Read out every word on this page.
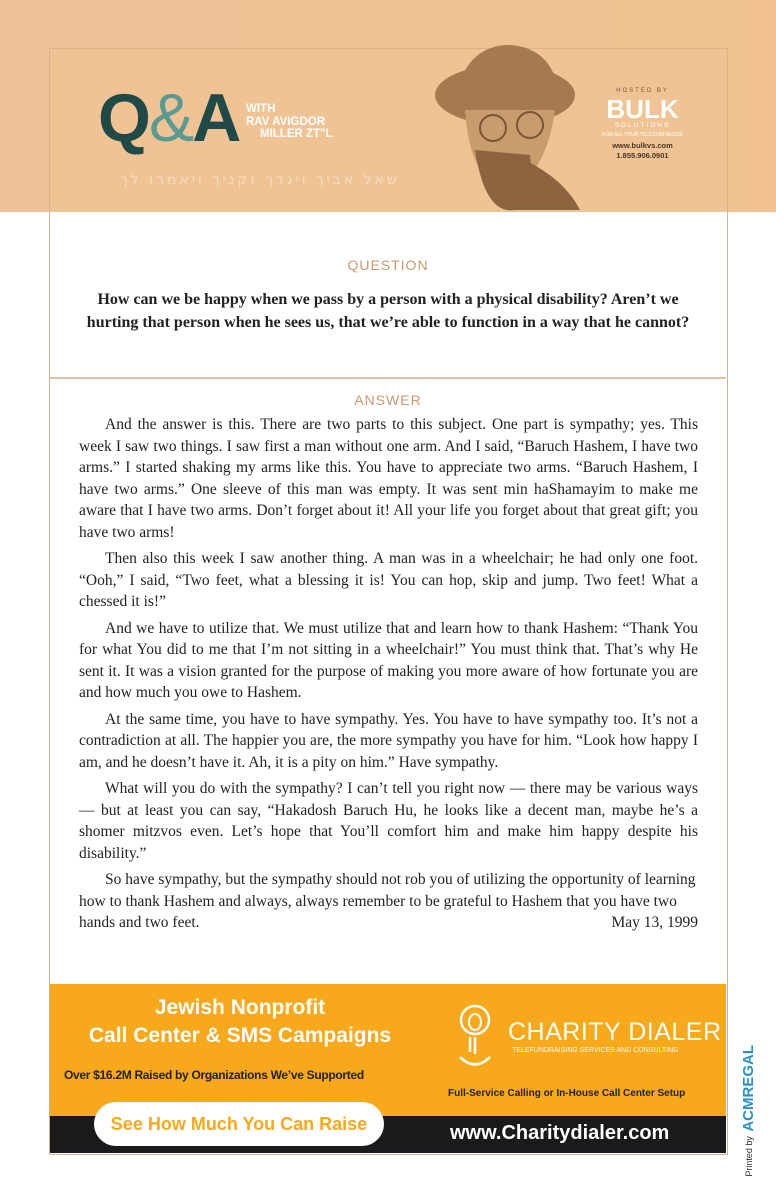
Q&A WITH
RAV AVIGDOR
MILLER ZT"L
שאל אביך ויגדך זקניך ויאמרו לך
HOSTED BY
BULK
SOLUTIONS
FOR ALL YOUR TELECOM NEEDS
www.bulkvs.com
1.855.906.0901
QUESTION
How can we be happy when we pass by a person with a physical disability? Aren’t we hurting that person when he sees us, that we’re able to function in a way that he cannot?
ANSWER

And the answer is this. There are two parts to this subject. One part is sympathy; yes. This week I saw two things. I saw first a man without one arm. And I said, “Baruch Hashem, I have two arms.” I started shaking my arms like this. You have to appreciate two arms. “Baruch Hashem, I have two arms.” One sleeve of this man was empty. It was sent min haShamayim to make me aware that I have two arms. Don’t forget about it! All your life you forget about that great gift; you have two arms!

Then also this week I saw another thing. A man was in a wheelchair; he had only one foot. “Ooh,” I said, “Two feet, what a blessing it is! You can hop, skip and jump. Two feet! What a chessed it is!”

And we have to utilize that. We must utilize that and learn how to thank Hashem: “Thank You for what You did to me that I’m not sitting in a wheelchair!” You must think that. That’s why He sent it. It was a vision granted for the purpose of making you more aware of how fortunate you are and how much you owe to Hashem.

At the same time, you have to have sympathy. Yes. You have to have sympathy too. It’s not a contradiction at all. The happier you are, the more sympathy you have for him. “Look how happy I am, and he doesn’t have it. Ah, it is a pity on him.” Have sympathy.

What will you do with the sympathy? I can’t tell you right now — there may be various ways — but at least you can say, “Hakadosh Baruch Hu, he looks like a decent man, maybe he’s a shomer mitzvos even. Let’s hope that You’ll comfort him and make him happy despite his disability.”

So have sympathy, but the sympathy should not rob you of utilizing the opportunity of learning how to thank Hashem and always, always remember to be grateful to Hashem that you have two hands and two feet.	May 13, 1999

Jewish Nonprofit
Call Center & SMS Campaigns
Over $16.2M Raised by Organizations We’ve Supported
See How Much You Can Raise	www.Charitydialer.com
CHARITY DIALER
TELEFUNDRAISING SERVICES AND CONSULTING
Full-Service Calling or In-House Call Center Setup
Printed by ACMREGAL
